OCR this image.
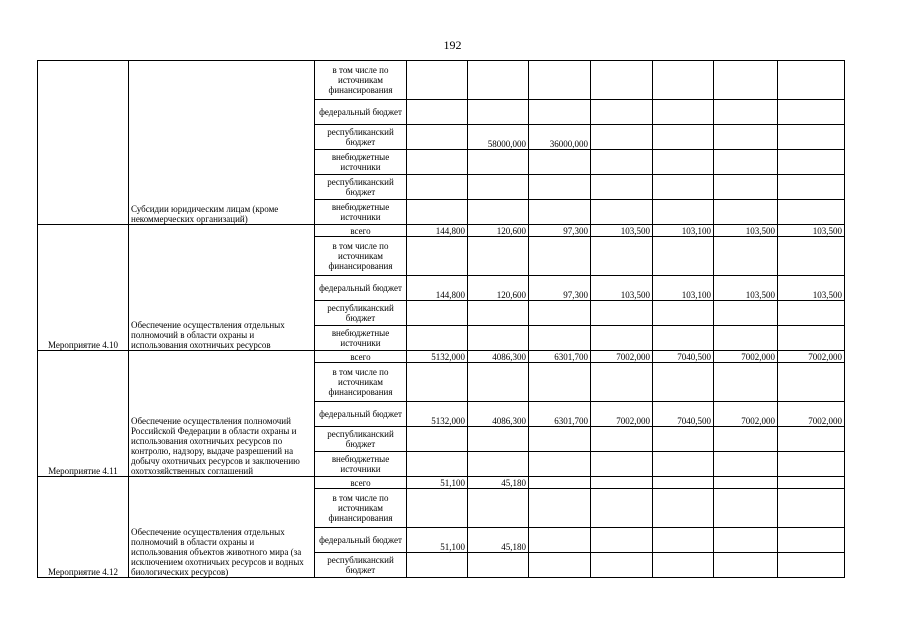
192
	Субсидии юридическим лицам (кроме некоммерческих организаций)	в том числе по источникам финансирования							
		федеральный бюджет							
		республиканский бюджет		58000,000	36000,000				
		внебюджетные источники							
		республиканский бюджет							
		внебюджетные источники							
Мероприятие 4.10	Обеспечение осуществления отдельных полномочий в области охраны и использования охотничьих ресурсов	всего	144,800	120,600	97,300	103,500	103,100	103,500	103,500
		в том числе по источникам финансирования							
		федеральный бюджет	144,800	120,600	97,300	103,500	103,100	103,500	103,500
		республиканский бюджет							
		внебюджетные источники							
Мероприятие 4.11	Обеспечение осуществления полномочий Российской Федерации в области охраны и использования охотничьих ресурсов по контролю, надзору, выдаче разрешений на добычу охотничьих ресурсов и заключению охотхозяйственных соглашений	всего	5132,000	4086,300	6301,700	7002,000	7040,500	7002,000	7002,000
		в том числе по источникам финансирования							
		федеральный бюджет	5132,000	4086,300	6301,700	7002,000	7040,500	7002,000	7002,000
		республиканский бюджет							
		внебюджетные источники							
Мероприятие 4.12	Обеспечение осуществления отдельных полномочий в области охраны и использования объектов животного мира (за исключением охотничьих ресурсов и водных биологических ресурсов)	всего	51,100	45,180					
		в том числе по источникам финансирования							
		федеральный бюджет	51,100	45,180					
		республиканский бюджет							
